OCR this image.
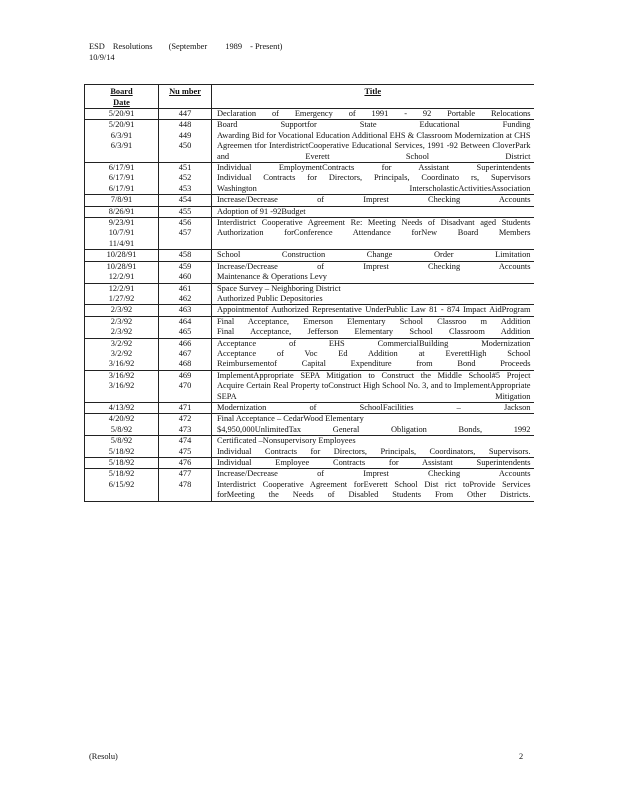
ESD Resolutions (September 1989 - Present)
10/9/14
Board
Date	Nu mber	Title
5/20/91	447	Declaration of Emergency of 1991 - 92 Portable Relocations
5/20/91	448	Board Supportfor State Educational Funding
6/3/91	449	Awarding Bid for Vocational Education Additional EHS & Classroom Modernization at CHS
6/3/91	450	Agreemen tfor InterdistrictCooperative Educational Services, 1991 -92 Between CloverPark and Everett School District
6/17/91	451	Individual EmploymentContracts for Assistant Superintendents
6/17/91	452	Individual Contracts for Directors, Principals, Coordinato rs, Supervisors
6/17/91	453	Washington InterscholasticActivitiesAssociation
7/8/91	454	Increase/Decrease of Imprest Checking Accounts
8/26/91	455	Adoption of 91 -92Budget
9/23/91	456	Interdistrict Cooperative Agreement Re: Meeting Needs of Disadvant aged Students
10/7/91	457	Authorization forConference Attendance forNew Board Members
11/4/91		
10/28/91	458	School Construction Change Order Limitation
10/28/91	459	Increase/Decrease of Imprest Checking Accounts
12/2/91	460	Maintenance & Operations Levy
12/2/91	461	Space Survey – Neighboring District
1/27/92	462	Authorized Public Depositories
2/3/92	463	Appointmentof Authorized Representative UnderPublic Law 81 - 874 Impact AidProgram
2/3/92	464	Final Acceptance, Emerson Elementary School Classroo m Addition
2/3/92	465	Final Acceptance, Jefferson Elementary School Classroom Addition
3/2/92	466	Acceptance of EHS CommercialBuilding Modernization
3/2/92	467	Acceptance of Voc Ed Addition at EverettHigh School
3/16/92	468	Reimbursementof Capital Expenditure from Bond Proceeds
3/16/92	469	ImplementAppropriate SEPA Mitigation to Construct the Middle School#5 Project
3/16/92	470	Acquire Certain Real Property toConstruct High School No. 3, and to ImplementAppropriate SEPA Mitigation
4/13/92	471	Modernization of SchoolFacilities – Jackson
4/20/92	472	Final Acceptance – CedarWood Elementary
5/8/92	473	$4,950,000UnlimitedTax General Obligation Bonds, 1992
5/8/92	474	Certificated –Nonsupervisory Employees
5/18/92	475	Individual Contracts for Directors, Principals, Coordinators, Supervisors.
5/18/92	476	Individual Employee Contracts for Assistant Superintendents
5/18/92	477	Increase/Decrease of Imprest Checking Accounts
6/15/92	478	Interdistrict Cooperative Agreement forEverett School Dist rict toProvide Services forMeeting the Needs of Disabled Students From Other Districts.
(Resolu)	2
